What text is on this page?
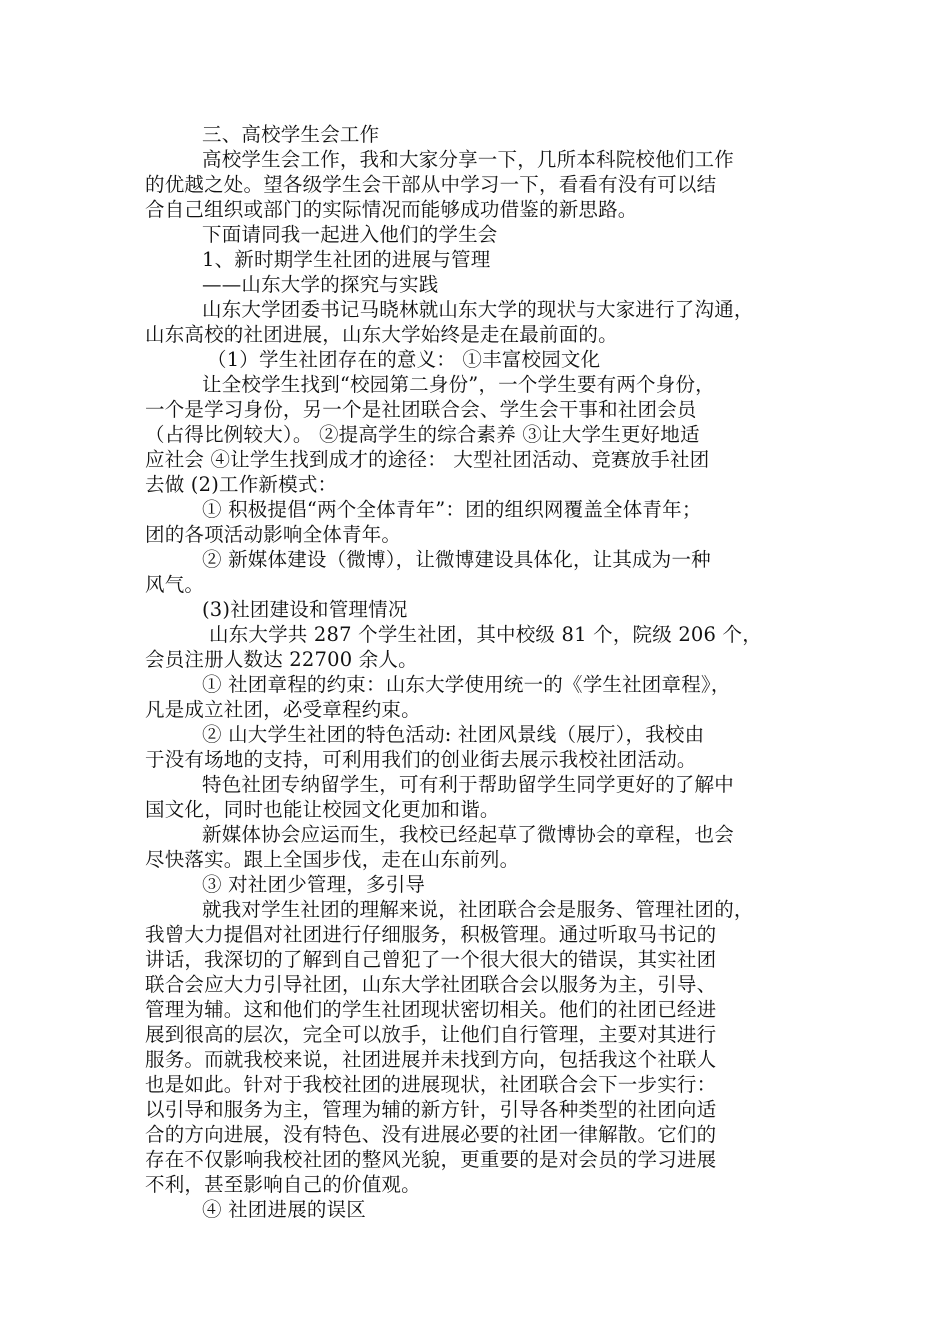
三、高校学生会工作
高校学生会工作，我和大家分享一下，几所本科院校他们工作
的优越之处。望各级学生会干部从中学习一下，看看有没有可以结
合自己组织或部门的实际情况而能够成功借鉴的新思路。
下面请同我一起进入他们的学生会
1、新时期学生社团的进展与管理
——山东大学的探究与实践
山东大学团委书记马晓林就山东大学的现状与大家进行了沟通，
山东高校的社团进展，山东大学始终是走在最前面的。
（1）学生社团存在的意义： ①丰富校园文化
让全校学生找到“校园第二身份”，一个学生要有两个身份，
一个是学习身份，另一个是社团联合会、学生会干事和社团会员
（占得比例较大）。 ②提高学生的综合素养 ③让大学生更好地适
应社会 ④让学生找到成才的途径： 大型社团活动、竞赛放手社团
去做 (2)工作新模式：
① 积极提倡“两个全体青年”：团的组织网覆盖全体青年；
团的各项活动影响全体青年。
② 新媒体建设（微博），让微博建设具体化，让其成为一种
风气。
(3)社团建设和管理情况
山东大学共 287 个学生社团，其中校级 81 个，院级 206 个，
会员注册人数达 22700 余人。
① 社团章程的约束：山东大学使用统一的《学生社团章程》，
凡是成立社团，必受章程约束。
② 山大学生社团的特色活动: 社团风景线（展厅），我校由
于没有场地的支持，可利用我们的创业街去展示我校社团活动。
特色社团专纳留学生，可有利于帮助留学生同学更好的了解中
国文化，同时也能让校园文化更加和谐。
新媒体协会应运而生，我校已经起草了微博协会的章程，也会
尽快落实。跟上全国步伐，走在山东前列。
③ 对社团少管理，多引导
就我对学生社团的理解来说，社团联合会是服务、管理社团的，
我曾大力提倡对社团进行仔细服务，积极管理。通过听取马书记的
讲话，我深切的了解到自己曾犯了一个很大很大的错误，其实社团
联合会应大力引导社团，山东大学社团联合会以服务为主，引导、
管理为辅。这和他们的学生社团现状密切相关。他们的社团已经进
展到很高的层次，完全可以放手，让他们自行管理，主要对其进行
服务。而就我校来说，社团进展并未找到方向，包括我这个社联人
也是如此。针对于我校社团的进展现状，社团联合会下一步实行：
以引导和服务为主，管理为辅的新方针，引导各种类型的社团向适
合的方向进展，没有特色、没有进展必要的社团一律解散。它们的
存在不仅影响我校社团的整风光貌，更重要的是对会员的学习进展
不利，甚至影响自己的价值观。
④ 社团进展的误区
